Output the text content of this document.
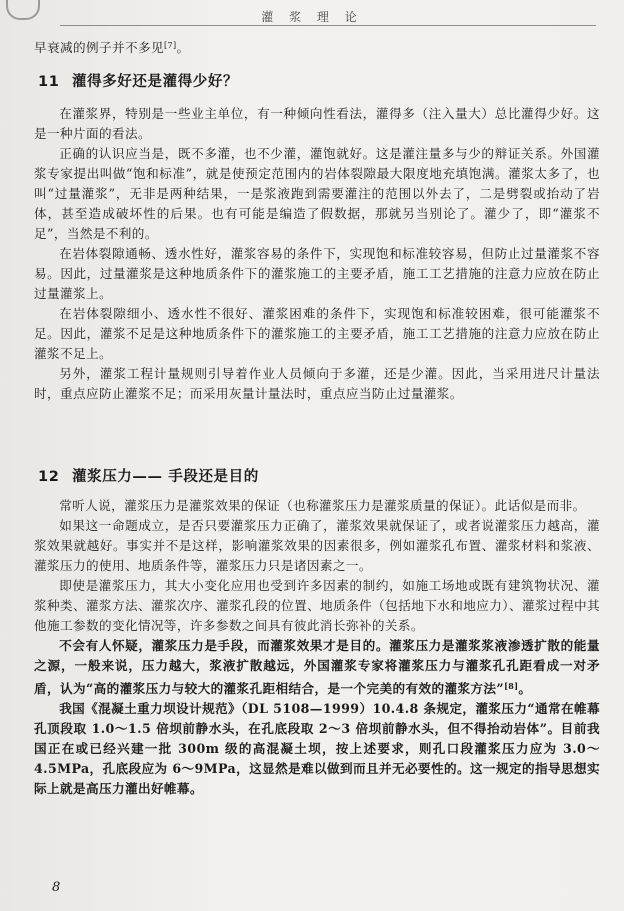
灌 浆 理 论

早衰减的例子并不多见[7]。

11 灌得多好还是灌得少好？

在灌浆界，特别是一些业主单位，有一种倾向性看法，灌得多（注入量大）总比灌得少好。这是一种片面的看法。

正确的认识应当是，既不多灌，也不少灌，灌饱就好。这是灌注量多与少的辩证关系。外国灌浆专家提出叫做“饱和标准”，就是使预定范围内的岩体裂隙最大限度地充填饱满。灌浆太多了，也叫“过量灌浆”，无非是两种结果，一是浆液跑到需要灌注的范围以外去了，二是劈裂或抬动了岩体，甚至造成破坏性的后果。也有可能是编造了假数据，那就另当别论了。灌少了，即“灌浆不足”，当然是不利的。

在岩体裂隙通畅、透水性好，灌浆容易的条件下，实现饱和标准较容易，但防止过量灌浆不容易。因此，过量灌浆是这种地质条件下的灌浆施工的主要矛盾，施工工艺措施的注意力应放在防止过量灌浆上。

在岩体裂隙细小、透水性不很好、灌浆困难的条件下，实现饱和标准较困难，很可能灌浆不足。因此，灌浆不足是这种地质条件下的灌浆施工的主要矛盾，施工工艺措施的注意力应放在防止灌浆不足上。

另外，灌浆工程计量规则引导着作业人员倾向于多灌，还是少灌。因此，当采用进尺计量法时，重点应防止灌浆不足；而采用灰量计量法时，重点应当防止过量灌浆。

12 灌浆压力—— 手段还是目的

常听人说，灌浆压力是灌浆效果的保证（也称灌浆压力是灌浆质量的保证）。此话似是而非。

如果这一命题成立，是否只要灌浆压力正确了，灌浆效果就保证了，或者说灌浆压力越高，灌浆效果就越好。事实并不是这样，影响灌浆效果的因素很多，例如灌浆孔布置、灌浆材料和浆液、灌浆压力的使用、地质条件等，灌浆压力只是诸因素之一。

即使是灌浆压力，其大小变化应用也受到许多因素的制约，如施工场地或既有建筑物状况、灌浆种类、灌浆方法、灌浆次序、灌浆孔段的位置、地质条件（包括地下水和地应力）、灌浆过程中其他施工参数的变化情况等，许多参数之间具有彼此消长弥补的关系。

不会有人怀疑，灌浆压力是手段，而灌浆效果才是目的。灌浆压力是灌浆浆液渗透扩散的能量之源，一般来说，压力越大，浆液扩散越远，外国灌浆专家将灌浆压力与灌浆孔孔距看成一对矛盾，认为“高的灌浆压力与较大的灌浆孔距相结合，是一个完美的有效的灌浆方法”[8]。

我国《混凝土重力坝设计规范》（DL 5108—1999）10.4.8 条规定，灌浆压力“通常在帷幕孔顶段取 1.0～1.5 倍坝前静水头，在孔底段取 2～3 倍坝前静水头，但不得抬动岩体”。目前我国正在或已经兴建一批 300m 级的高混凝土坝，按上述要求，则孔口段灌浆压力应为 3.0～4.5MPa，孔底段应为 6～9MPa，这显然是难以做到而且并无必要性的。这一规定的指导思想实际上就是高压力灌出好帷幕。

8
